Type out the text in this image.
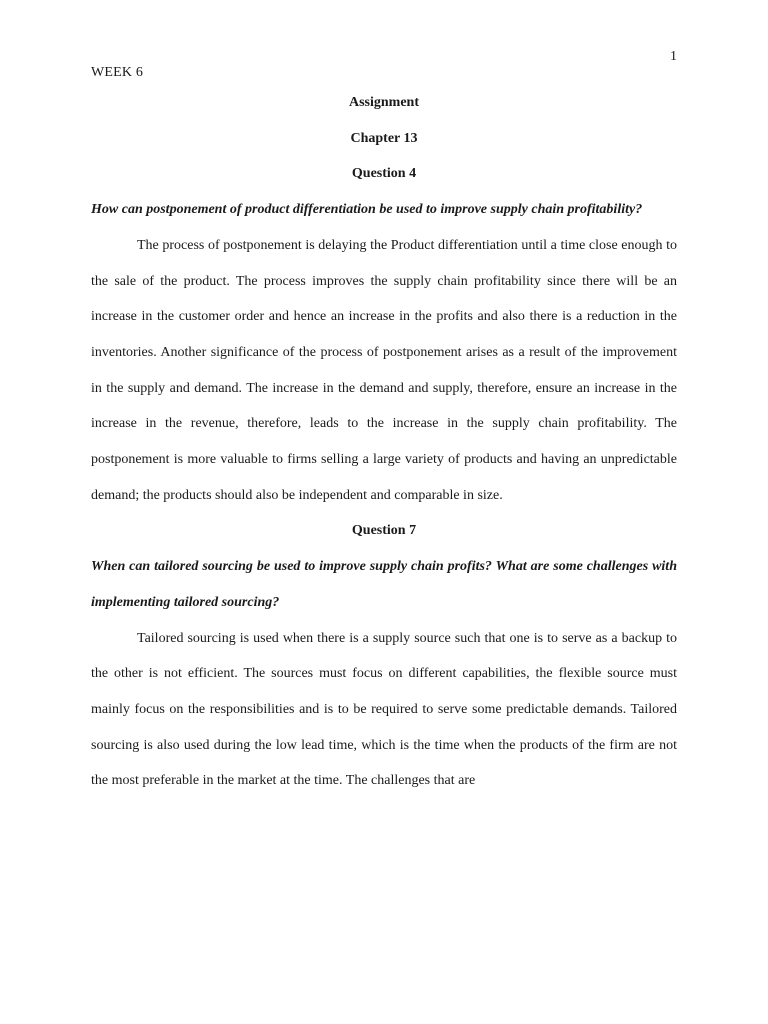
1
WEEK 6

Assignment

Chapter 13

Question 4

How can postponement of product differentiation be used to improve supply chain profitability?

The process of postponement is delaying the Product differentiation until a time close enough to the sale of the product. The process improves the supply chain profitability since there will be an increase in the customer order and hence an increase in the profits and also there is a reduction in the inventories. Another significance of the process of postponement arises as a result of the improvement in the supply and demand. The increase in the demand and supply, therefore, ensure an increase in the increase in the revenue, therefore, leads to the increase in the supply chain profitability. The postponement is more valuable to firms selling a large variety of products and having an unpredictable demand; the products should also be independent and comparable in size.

Question 7

When can tailored sourcing be used to improve supply chain profits? What are some challenges with implementing tailored sourcing?

Tailored sourcing is used when there is a supply source such that one is to serve as a backup to the other is not efficient. The sources must focus on different capabilities, the flexible source must mainly focus on the responsibilities and is to be required to serve some predictable demands. Tailored sourcing is also used during the low lead time, which is the time when the products of the firm are not the most preferable in the market at the time. The challenges that are
